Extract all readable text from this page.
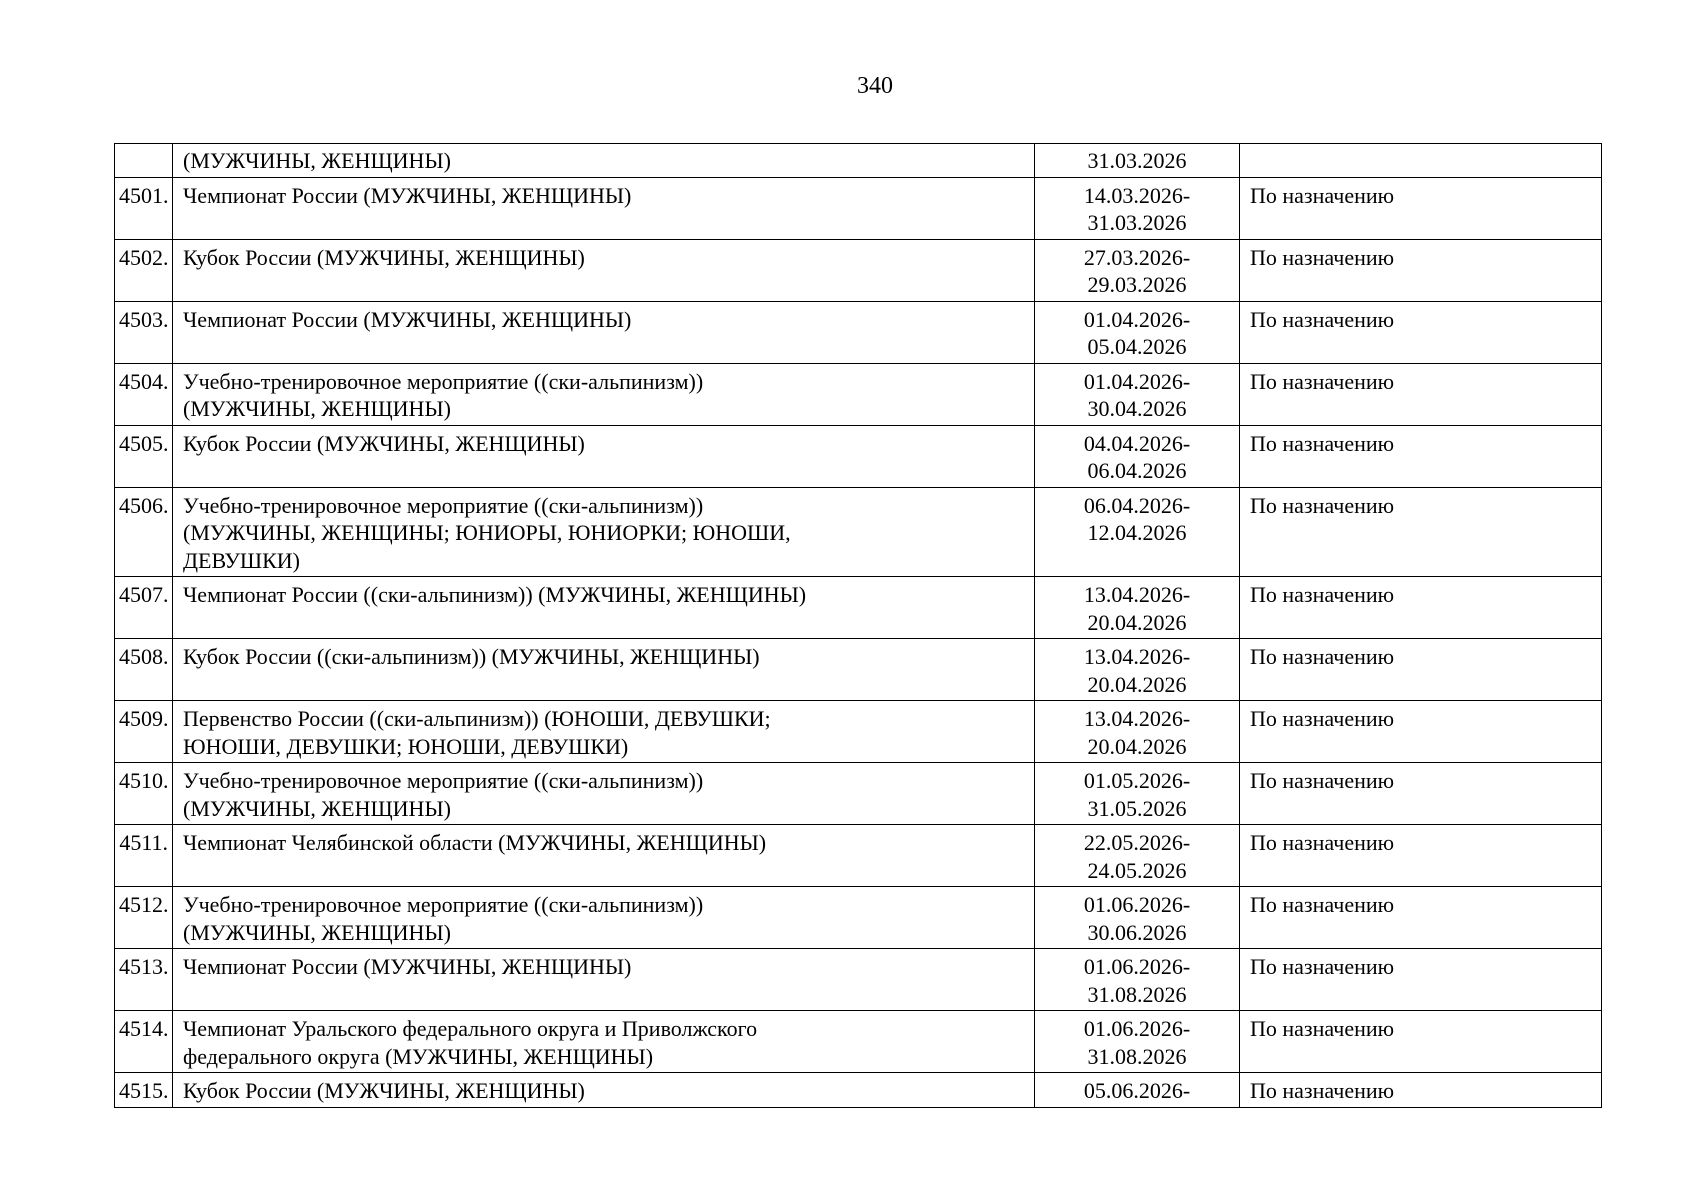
340

	(МУЖЧИНЫ, ЖЕНЩИНЫ)	31.03.2026	

4501.	Чемпионат России (МУЖЧИНЫ, ЖЕНЩИНЫ)	14.03.2026-
31.03.2026	По назначению

4502.	Кубок России (МУЖЧИНЫ, ЖЕНЩИНЫ)	27.03.2026-
29.03.2026	По назначению

4503.	Чемпионат России (МУЖЧИНЫ, ЖЕНЩИНЫ)	01.04.2026-
05.04.2026	По назначению

4504.	Учебно-тренировочное мероприятие ((ски-альпинизм))
(МУЖЧИНЫ, ЖЕНЩИНЫ)	01.04.2026-
30.04.2026	По назначению

4505.	Кубок России (МУЖЧИНЫ, ЖЕНЩИНЫ)	04.04.2026-
06.04.2026	По назначению

4506.	Учебно-тренировочное мероприятие ((ски-альпинизм))
(МУЖЧИНЫ, ЖЕНЩИНЫ; ЮНИОРЫ, ЮНИОРКИ; ЮНОШИ,
ДЕВУШКИ)	06.04.2026-
12.04.2026	По назначению

4507.	Чемпионат России ((ски-альпинизм)) (МУЖЧИНЫ, ЖЕНЩИНЫ)	13.04.2026-
20.04.2026	По назначению

4508.	Кубок России ((ски-альпинизм)) (МУЖЧИНЫ, ЖЕНЩИНЫ)	13.04.2026-
20.04.2026	По назначению

4509.	Первенство России ((ски-альпинизм)) (ЮНОШИ, ДЕВУШКИ;
ЮНОШИ, ДЕВУШКИ; ЮНОШИ, ДЕВУШКИ)	13.04.2026-
20.04.2026	По назначению

4510.	Учебно-тренировочное мероприятие ((ски-альпинизм))
(МУЖЧИНЫ, ЖЕНЩИНЫ)	01.05.2026-
31.05.2026	По назначению

4511.	Чемпионат Челябинской области (МУЖЧИНЫ, ЖЕНЩИНЫ)	22.05.2026-
24.05.2026	По назначению

4512.	Учебно-тренировочное мероприятие ((ски-альпинизм))
(МУЖЧИНЫ, ЖЕНЩИНЫ)	01.06.2026-
30.06.2026	По назначению

4513.	Чемпионат России (МУЖЧИНЫ, ЖЕНЩИНЫ)	01.06.2026-
31.08.2026	По назначению

4514.	Чемпионат Уральского федерального округа и Приволжского
федерального округа (МУЖЧИНЫ, ЖЕНЩИНЫ)	01.06.2026-
31.08.2026	По назначению

4515.	Кубок России (МУЖЧИНЫ, ЖЕНЩИНЫ)	05.06.2026-	По назначению
